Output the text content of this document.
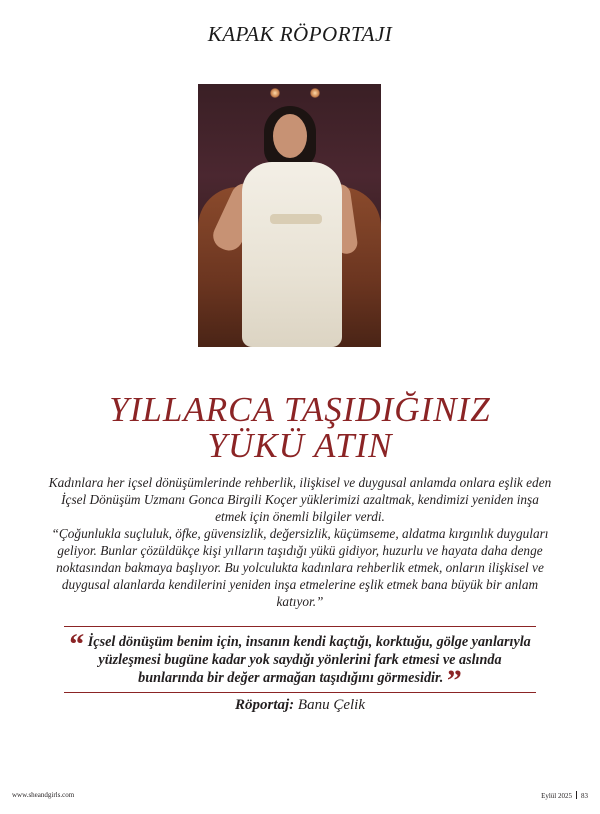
KAPAK RÖPORTAJI
YILLARCA TAŞIDIĞINIZ
YÜKÜ ATIN

Kadınlara her içsel dönüşümlerinde rehberlik, ilişkisel ve duygusal anlamda onlara eşlik eden İçsel Dönüşüm Uzmanı Gonca Birgili Koçer yüklerimizi azaltmak, kendimizi yeniden inşa etmek için önemli bilgiler verdi.

“Çoğunlukla suçluluk, öfke, güvensizlik, değersizlik, küçümseme, aldatma kırgınlık duyguları geliyor. Bunlar çözüldükçe kişi yılların taşıdığı yükü gidiyor, huzurlu ve hayata daha denge noktasından bakmaya başlıyor. Bu yolculukta kadınlara rehberlik etmek, onların ilişkisel ve duygusal alanlarda kendilerini yeniden inşa etmelerine eşlik etmek bana büyük bir anlam katıyor.”

“ İçsel dönüşüm benim için, insanın kendi kaçtığı, korktuğu, gölge yanlarıyla yüzleşmesi bugüne kadar yok saydığı yönlerini fark etmesi ve aslında bunlarında bir değer armağan taşıdığını görmesidir. ”
Röportaj: Banu Çelik
www.sheandgirls.com	Eylül 2025 83
